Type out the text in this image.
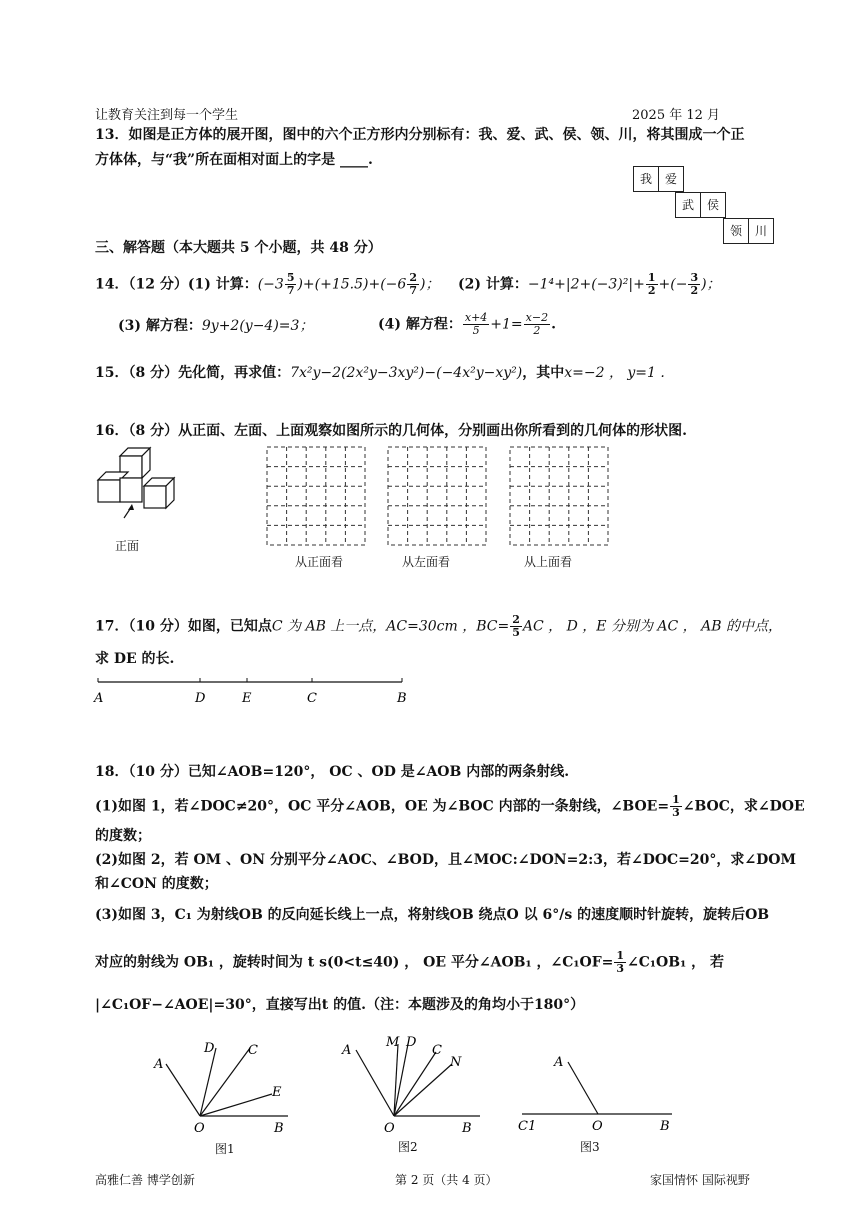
让教育关注到每一个学生	2025 年 12 月
13．如图是正方体的展开图，图中的六个正方形内分别标有：我、爱、武、侯、领、川，将其围成一个正
方体体，与“我”所在面相对面上的字是 ____.
我	爱
武	侯
领	川
三、解答题（本大题共 5 个小题，共 48 分）
14．（12 分）(1) 计算：$(-3 \frac{5}{7} )+(+15.5)+(-6 \frac{2}{7}$ )； (2) 计算：$-1^4+|2+(-3)^2|+ \frac{1}{2}$ +(− $\frac{3}{2}$ )；
(3) 解方程：9y+2(y−4)=3；	(4) 解方程： $\frac{x+4}{5} +1= \frac{x-2}{2}$ .
15．（8 分）先化简，再求值：7x²y−2(2x²y−3xy²)−(−4x²y−xy²)，其中x=−2 ， y=1 .
16．（8 分）从正面、左面、上面观察如图所示的几何体，分别画出你所看到的几何体的形状图.
正面
从正面看	从左面看	从上面看
17．（10 分）如图，已知点C 为 AB 上一点，AC=30cm ，$BC= \frac{2}{5}$ AC ， D ，E 分别为 AC ， AB 的中点，
求 DE 的长.
A	D	E	C	B
18．（10 分）已知∠AOB=120°， OC 、OD 是∠AOB 内部的两条射线.
(1)如图 1，若∠DOC≠20°，OC 平分∠AOB，OE 为∠BOC 内部的一条射线，∠BOE= $\frac{1}{3}$ ∠BOC，求∠DOE
的度数；
(2)如图 2，若 OM 、ON 分别平分∠AOC、∠BOD，且∠MOC:∠DON=2:3，若∠DOC=20°，求∠DOM
和∠CON 的度数；
(3)如图 3，C₁ 为射线OB 的反向延长线上一点，将射线OB 绕点O 以 6°/s 的速度顺时针旋转，旋转后OB
对应的射线为 OB₁ ，旋转时间为 t s(0<t≤40) ， OE 平分∠AOB₁ ，∠C₁OF= $\frac{1}{3}$ ∠C₁OB₁ ， 若
|∠C₁OF−∠AOE|=30°，直接写出t 的值.（注：本题涉及的角均小于180°）
A
D	C
E
O	B
图1
A
M D
C
N
O	B
图2
A
C1	O	B
图3
高雅仁善 博学创新	第 2 页（共 4 页）	家国情怀 国际视野
